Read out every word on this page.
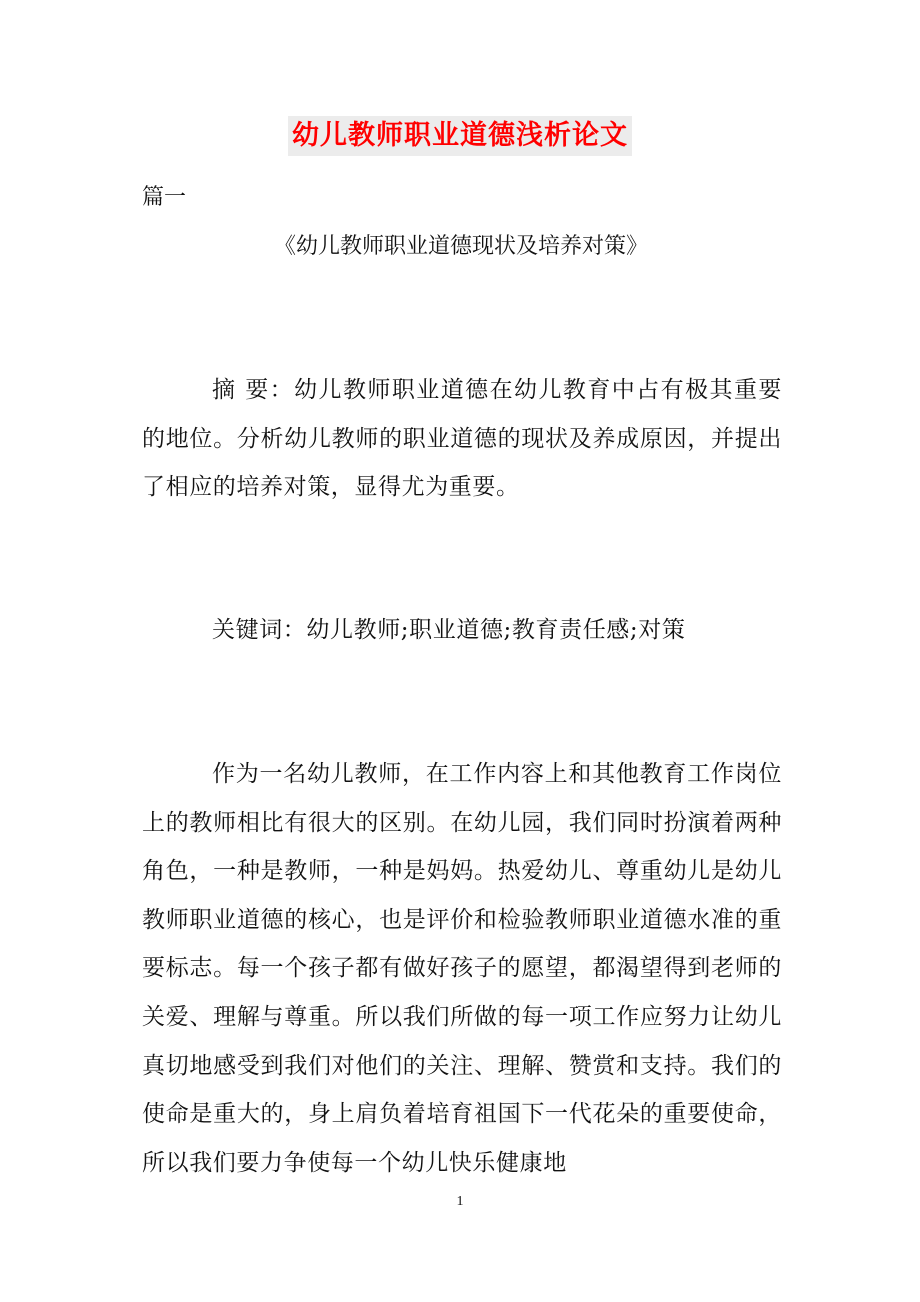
幼儿教师职业道德浅析论文
篇一
《幼儿教师职业道德现状及培养对策》

摘 要：幼儿教师职业道德在幼儿教育中占有极其重要的地位。分析幼儿教师的职业道德的现状及养成原因，并提出了相应的培养对策，显得尤为重要。

关键词：幼儿教师;职业道德;教育责任感;对策

作为一名幼儿教师，在工作内容上和其他教育工作岗位上的教师相比有很大的区别。在幼儿园，我们同时扮演着两种角色，一种是教师，一种是妈妈。热爱幼儿、尊重幼儿是幼儿教师职业道德的核心，也是评价和检验教师职业道德水准的重要标志。每一个孩子都有做好孩子的愿望，都渴望得到老师的关爱、理解与尊重。所以我们所做的每一项工作应努力让幼儿真切地感受到我们对他们的关注、理解、赞赏和支持。我们的使命是重大的，身上肩负着培育祖国下一代花朵的重要使命，所以我们要力争使每一个幼儿快乐健康地

1
